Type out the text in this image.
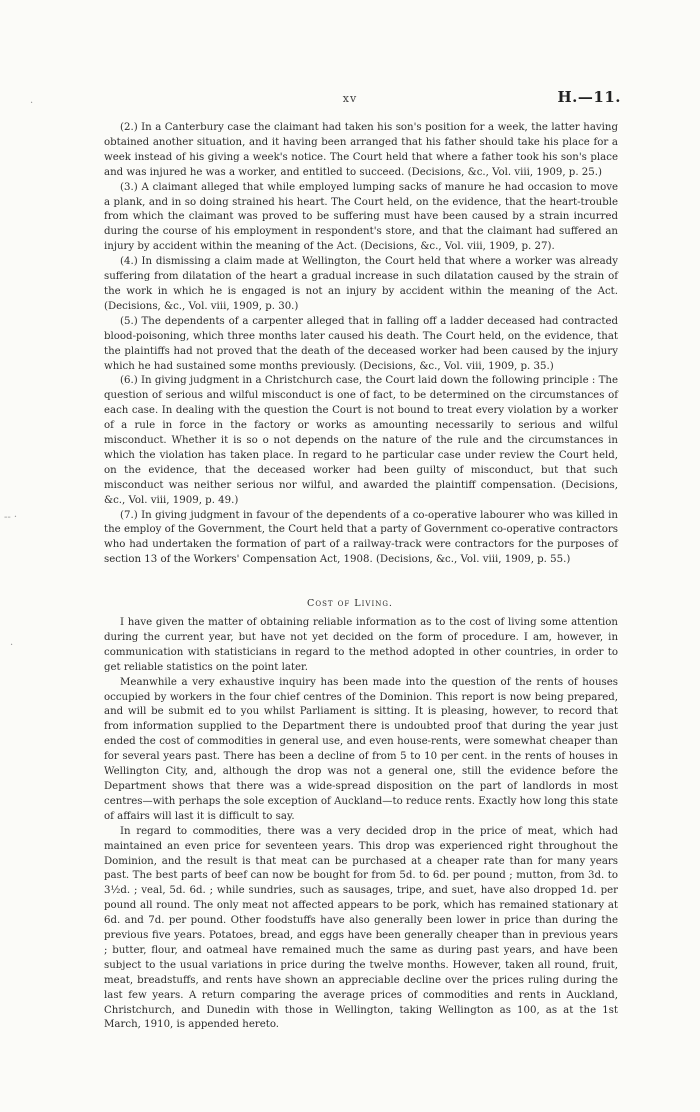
·
-‐ ·
·
xv	H.—11.

(2.) In a Canterbury case the claimant had taken his son's position for a week, the latter having obtained another situation, and it having been arranged that his father should take his place for a week instead of his giving a week's notice. The Court held that where a father took his son's place and was injured he was a worker, and entitled to succeed. (Decisions, &c., Vol. viii, 1909, p. 25.)

(3.) A claimant alleged that while employed lumping sacks of manure he had occasion to move a plank, and in so doing strained his heart. The Court held, on the evidence, that the heart-trouble from which the claimant was proved to be suffering must have been caused by a strain incurred during the course of his employment in respondent's store, and that the claimant had suffered an injury by accident within the meaning of the Act. (Decisions, &c., Vol. viii, 1909, p. 27).

(4.) In dismissing a claim made at Wellington, the Court held that where a worker was already suffering from dilatation of the heart a gradual increase in such dilatation caused by the strain of the work in which he is engaged is not an injury by accident within the meaning of the Act. (Decisions, &c., Vol. viii, 1909, p. 30.)

(5.) The dependents of a carpenter alleged that in falling off a ladder deceased had contracted blood-poisoning, which three months later caused his death. The Court held, on the evidence, that the plaintiffs had not proved that the death of the deceased worker had been caused by the injury which he had sustained some months previously. (Decisions, &c., Vol. viii, 1909, p. 35.)

(6.) In giving judgment in a Christchurch case, the Court laid down the following principle : The question of serious and wilful misconduct is one of fact, to be determined on the circumstances of each case. In dealing with the question the Court is not bound to treat every violation by a worker of a rule in force in the factory or works as amounting necessarily to serious and wilful misconduct. Whether it is so o not depends on the nature of the rule and the circumstances in which the violation has taken place. In regard to he particular case under review the Court held, on the evidence, that the deceased worker had been guilty of misconduct, but that such misconduct was neither serious nor wilful, and awarded the plaintiff compensation. (Decisions, &c., Vol. viii, 1909, p. 49.)

(7.) In giving judgment in favour of the dependents of a co-operative labourer who was killed in the employ of the Government, the Court held that a party of Government co-operative contractors who had undertaken the formation of part of a railway-track were contractors for the purposes of section 13 of the Workers' Compensation Act, 1908. (Decisions, &c., Vol. viii, 1909, p. 55.)

Cost of Living.

I have given the matter of obtaining reliable information as to the cost of living some attention during the current year, but have not yet decided on the form of procedure. I am, however, in communication with statisticians in regard to the method adopted in other countries, in order to get reliable statistics on the point later.

Meanwhile a very exhaustive inquiry has been made into the question of the rents of houses occupied by workers in the four chief centres of the Dominion. This report is now being prepared, and will be submit ed to you whilst Parliament is sitting. It is pleasing, however, to record that from information supplied to the Department there is undoubted proof that during the year just ended the cost of commodities in general use, and even house-rents, were somewhat cheaper than for several years past. There has been a decline of from 5 to 10 per cent. in the rents of houses in Wellington City, and, although the drop was not a general one, still the evidence before the Department shows that there was a wide-spread disposition on the part of landlords in most centres—with perhaps the sole exception of Auckland—to reduce rents. Exactly how long this state of affairs will last it is difficult to say.

In regard to commodities, there was a very decided drop in the price of meat, which had maintained an even price for seventeen years. This drop was experienced right throughout the Dominion, and the result is that meat can be purchased at a cheaper rate than for many years past. The best parts of beef can now be bought for from 5d. to 6d. per pound ; mutton, from 3d. to 3½d. ; veal, 5d. 6d. ; while sundries, such as sausages, tripe, and suet, have also dropped 1d. per pound all round. The only meat not affected appears to be pork, which has remained stationary at 6d. and 7d. per pound. Other foodstuffs have also generally been lower in price than during the previous five years. Potatoes, bread, and eggs have been generally cheaper than in previous years ; butter, flour, and oatmeal have remained much the same as during past years, and have been subject to the usual variations in price during the twelve months. However, taken all round, fruit, meat, breadstuffs, and rents have shown an appreciable decline over the prices ruling during the last few years. A return comparing the average prices of commodities and rents in Auckland, Christchurch, and Dunedin with those in Wellington, taking Wellington as 100, as at the 1st March, 1910, is appended hereto.
